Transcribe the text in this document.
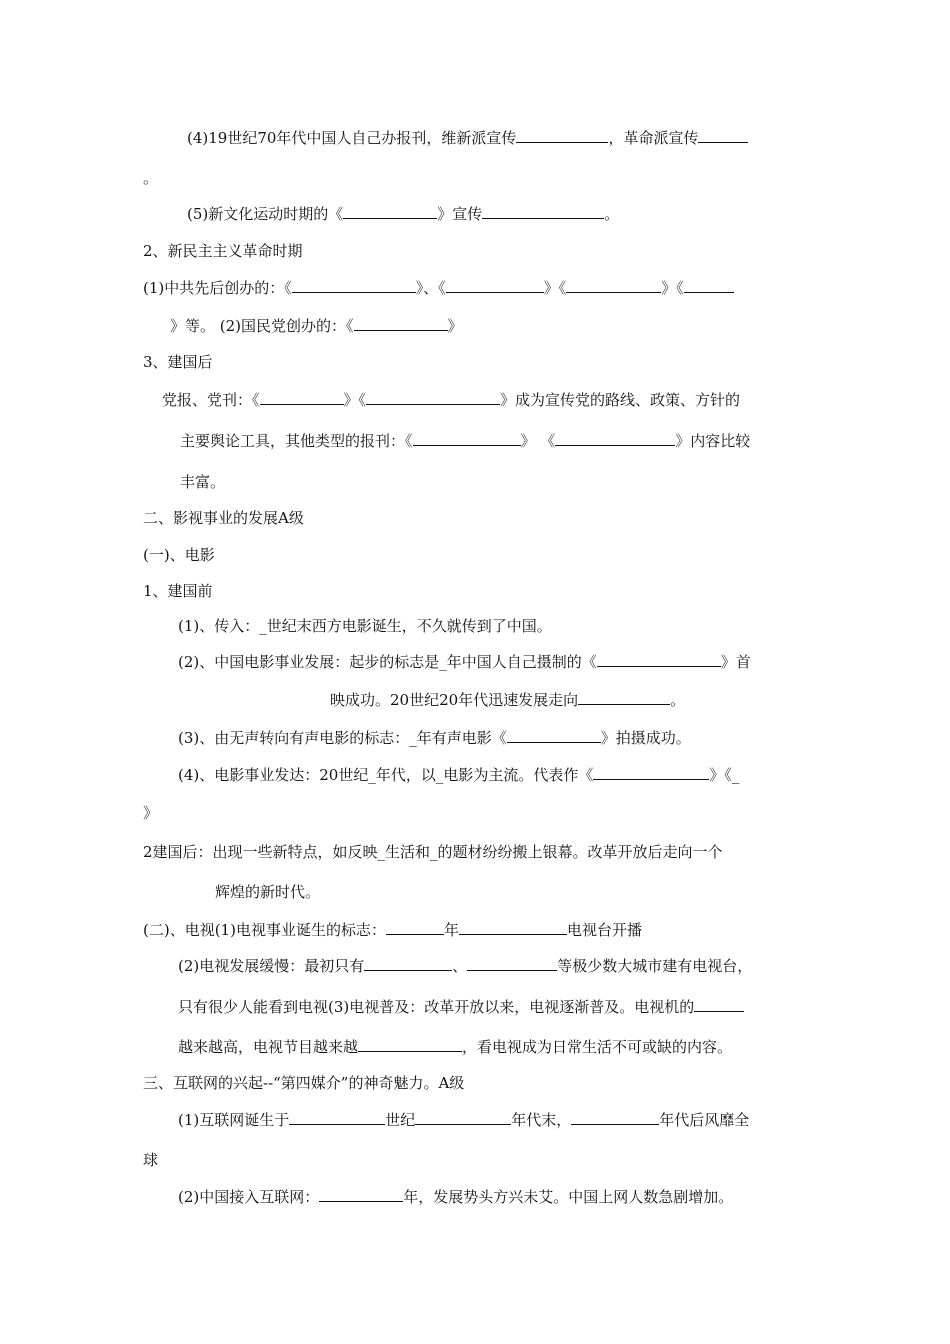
(4)19世纪70年代中国人自己办报刊，维新派宣传	，革命派宣传
。
(5)新文化运动时期的《	》宣传	。
2、新民主主义革命时期
(1)中共先后创办的：《	》、《	》《	》《
》等。 (2)国民党创办的：《	》
3、建国后
党报、党刊：《	》《	》成为宣传党的路线、政策、方针的
主要舆论工具，其他类型的报刊：《	》 《	》内容比较
丰富。
二、影视事业的发展A级
(一)、电影
1、建国前
(1)、传入：_世纪末西方电影诞生，不久就传到了中国。
(2)、中国电影事业发展：起步的标志是_年中国人自己摄制的《	》首
映成功。20世纪20年代迅速发展走向	。
(3)、由无声转向有声电影的标志：_年有声电影《	》拍摄成功。
(4)、电影事业发达：20世纪_年代，以_电影为主流。代表作《	》《_
》
2建国后：出现一些新特点，如反映_生活和_的题材纷纷搬上银幕。改革开放后走向一个
辉煌的新时代。
(二)、电视(1)电视事业诞生的标志：	年	电视台开播
(2)电视发展缓慢：最初只有	、	等极少数大城市建有电视台，
只有很少人能看到电视(3)电视普及：改革开放以来，电视逐渐普及。电视机的
越来越高，电视节目越来越	，看电视成为日常生活不可或缺的内容。
三、互联网的兴起--“第四媒介”的神奇魅力。A级
(1)互联网诞生于	世纪	年代末，	年代后风靡全
球
(2)中国接入互联网：	年，发展势头方兴未艾。中国上网人数急剧增加。
